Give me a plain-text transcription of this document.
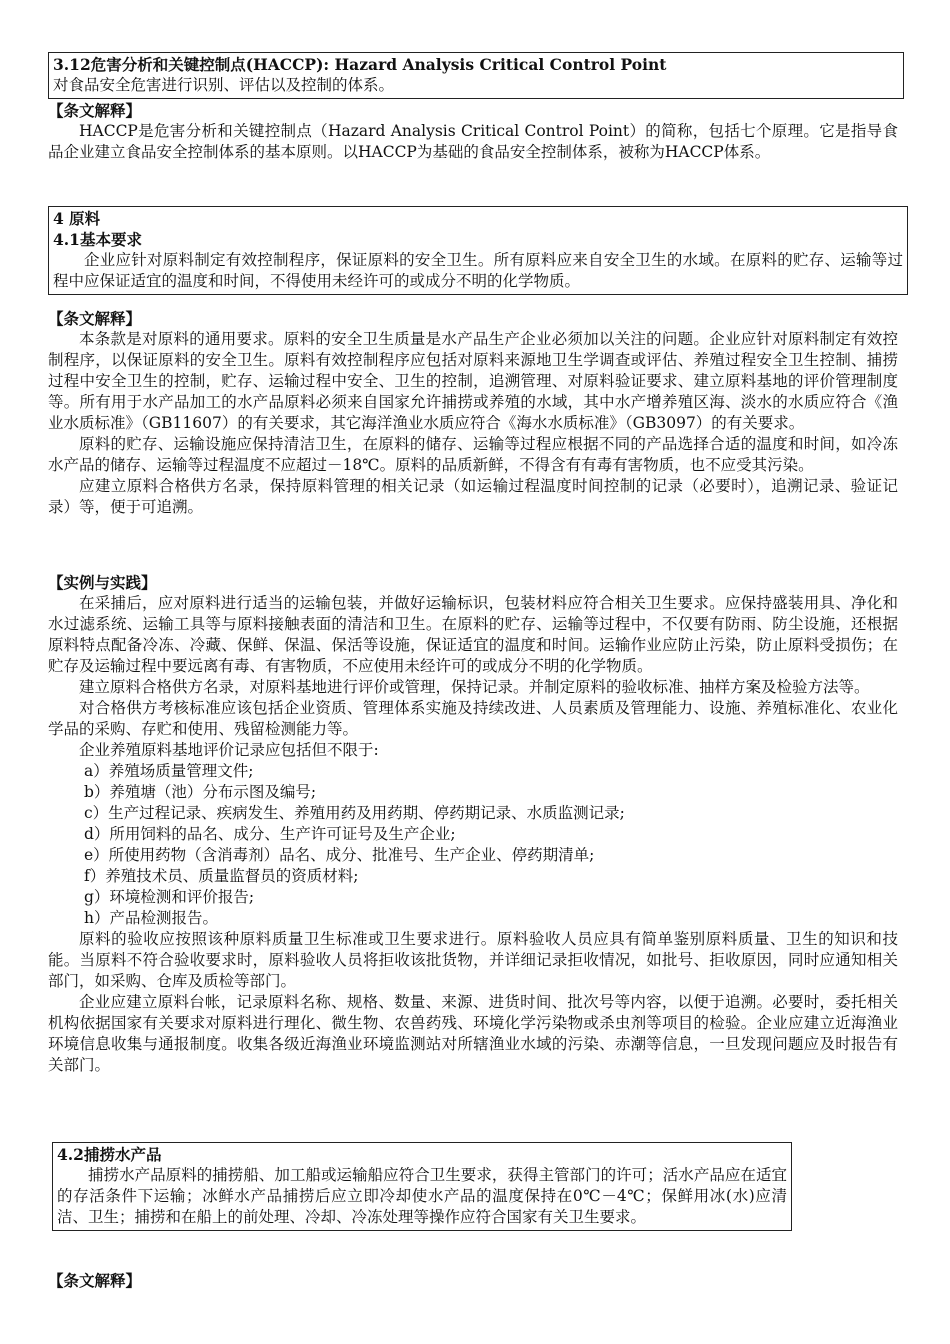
3.12危害分析和关键控制点(HACCP): Hazard Analysis Critical Control Point

对食品安全危害进行识别、评估以及控制的体系。

【条文解释】

HACCP是危害分析和关键控制点（Hazard Analysis Critical Control Point）的简称，包括七个原理。它是指导食品企业建立食品安全控制体系的基本原则。以HACCP为基础的食品安全控制体系，被称为HACCP体系。

4 原料

4.1基本要求

企业应针对原料制定有效控制程序，保证原料的安全卫生。所有原料应来自安全卫生的水域。在原料的贮存、运输等过程中应保证适宜的温度和时间，不得使用未经许可的或成分不明的化学物质。

【条文解释】

本条款是对原料的通用要求。原料的安全卫生质量是水产品生产企业必须加以关注的问题。企业应针对原料制定有效控制程序，以保证原料的安全卫生。原料有效控制程序应包括对原料来源地卫生学调查或评估、养殖过程安全卫生控制、捕捞过程中安全卫生的控制，贮存、运输过程中安全、卫生的控制，追溯管理、对原料验证要求、建立原料基地的评价管理制度等。所有用于水产品加工的水产品原料必须来自国家允许捕捞或养殖的水域，其中水产增养殖区海、淡水的水质应符合《渔业水质标准》（GB11607）的有关要求，其它海洋渔业水质应符合《海水水质标准》（GB3097）的有关要求。

原料的贮存、运输设施应保持清洁卫生，在原料的储存、运输等过程应根据不同的产品选择合适的温度和时间，如冷冻水产品的储存、运输等过程温度不应超过－18℃。原料的品质新鲜，不得含有有毒有害物质，也不应受其污染。

应建立原料合格供方名录，保持原料管理的相关记录（如运输过程温度时间控制的记录（必要时），追溯记录、验证记录）等，便于可追溯。

【实例与实践】

在采捕后，应对原料进行适当的运输包装，并做好运输标识，包装材料应符合相关卫生要求。应保持盛装用具、净化和水过滤系统、运输工具等与原料接触表面的清洁和卫生。在原料的贮存、运输等过程中，不仅要有防雨、防尘设施，还根据原料特点配备冷冻、冷藏、保鲜、保温、保活等设施，保证适宜的温度和时间。运输作业应防止污染，防止原料受损伤；在贮存及运输过程中要远离有毒、有害物质，不应使用未经许可的或成分不明的化学物质。

建立原料合格供方名录，对原料基地进行评价或管理，保持记录。并制定原料的验收标准、抽样方案及检验方法等。

对合格供方考核标准应该包括企业资质、管理体系实施及持续改进、人员素质及管理能力、设施、养殖标准化、农业化学品的采购、存贮和使用、残留检测能力等。

企业养殖原料基地评价记录应包括但不限于:

a）养殖场质量管理文件;

b）养殖塘（池）分布示图及编号;

c）生产过程记录、疾病发生、养殖用药及用药期、停药期记录、水质监测记录;

d）所用饲料的品名、成分、生产许可证号及生产企业;

e）所使用药物（含消毒剂）品名、成分、批准号、生产企业、停药期清单;

f）养殖技术员、质量监督员的资质材料;

g）环境检测和评价报告;

h）产品检测报告。

原料的验收应按照该种原料质量卫生标准或卫生要求进行。原料验收人员应具有简单鉴别原料质量、卫生的知识和技能。当原料不符合验收要求时，原料验收人员将拒收该批货物，并详细记录拒收情况，如批号、拒收原因，同时应通知相关部门，如采购、仓库及质检等部门。

企业应建立原料台帐，记录原料名称、规格、数量、来源、进货时间、批次号等内容，以便于追溯。必要时，委托相关机构依据国家有关要求对原料进行理化、微生物、农兽药残、环境化学污染物或杀虫剂等项目的检验。企业应建立近海渔业环境信息收集与通报制度。收集各级近海渔业环境监测站对所辖渔业水域的污染、赤潮等信息，一旦发现问题应及时报告有关部门。

4.2捕捞水产品

捕捞水产品原料的捕捞船、加工船或运输船应符合卫生要求，获得主管部门的许可；活水产品应在适宜的存活条件下运输；冰鲜水产品捕捞后应立即冷却使水产品的温度保持在0℃－4℃；保鲜用冰(水)应清洁、卫生；捕捞和在船上的前处理、冷却、冷冻处理等操作应符合国家有关卫生要求。

【条文解释】
